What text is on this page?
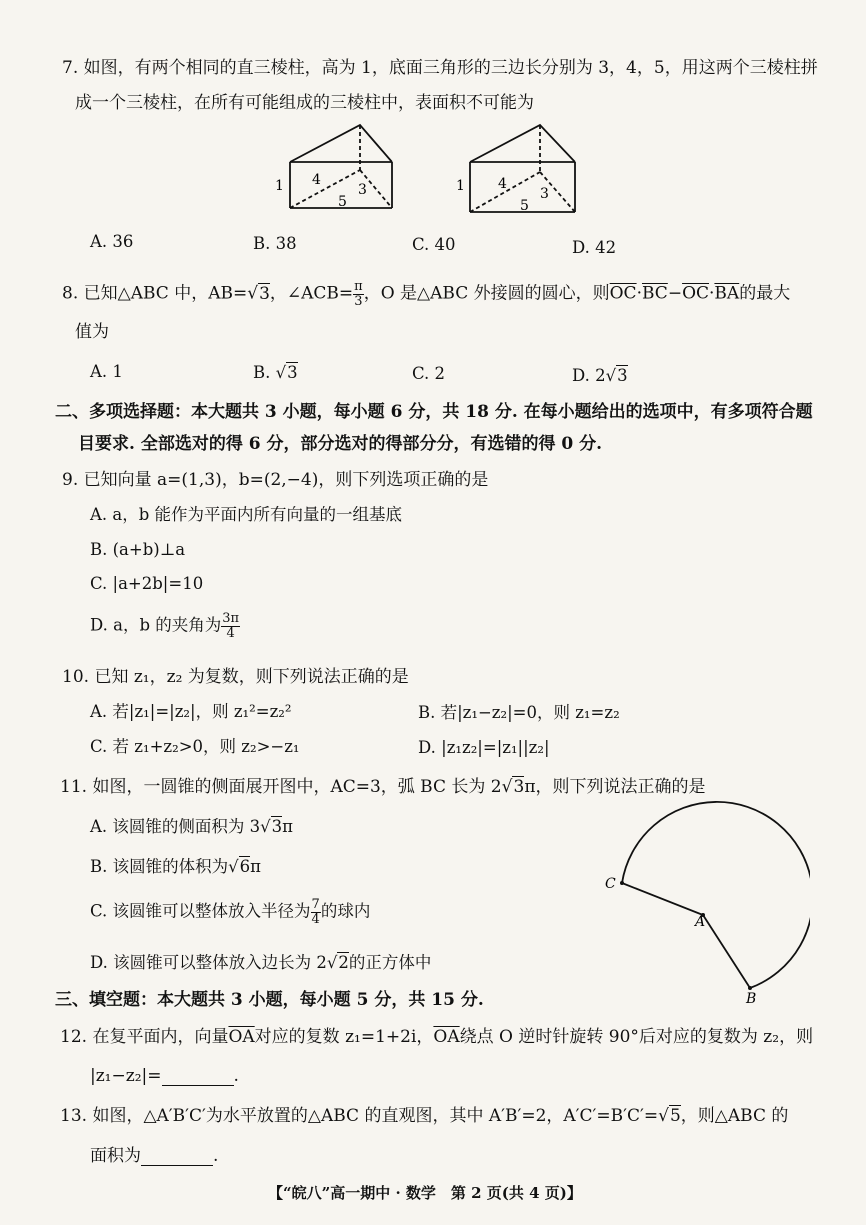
7. 如图，有两个相同的直三棱柱，高为 1，底面三角形的三边长分别为 3，4，5，用这两个三棱柱拼
成一个三棱柱，在所有可能组成的三棱柱中，表面积不可能为
1 4
3
5
1 4
3
5
A. 36	B. 38	C. 40	D. 42
8. 已知△ABC 中，AB=√3，∠ACB= $\frac{\pi}{3}$ ，O 是△ABC 外接圆的圆心，则$\overline{OC}\cdot\overline{BC}-\overline{OC}\cdot\overline{BA}$的最大
值为
A. 1	B. √3	C. 2	D. 2√3
二、多项选择题：本大题共 3 小题，每小题 6 分，共 18 分. 在每小题给出的选项中，有多项符合题
目要求. 全部选对的得 6 分，部分选对的得部分分，有选错的得 0 分.
9. 已知向量 a=(1,3)，b=(2,−4)，则下列选项正确的是
A. a，b 能作为平面内所有向量的一组基底
B. (a+b)⊥a
C. |a+2b|=10
D. a，b 的夹角为 $\frac{3\pi}{4}$
10. 已知 z₁，z₂ 为复数，则下列说法正确的是
A. 若|z₁|=|z₂|，则 z₁²=z₂²	B. 若|z₁−z₂|=0，则 z₁=z₂
C. 若 z₁+z₂>0，则 z₂>−z₁	D. |z₁z₂|=|z₁||z₂|
11. 如图，一圆锥的侧面展开图中，AC=3，弧 BC 长为 2√3π，则下列说法正确的是
A. 该圆锥的侧面积为 3√3π
B. 该圆锥的体积为√6π
C. 该圆锥可以整体放入半径为 $\frac{7}{4}$ 的球内
D. 该圆锥可以整体放入边长为 2√2的正方体中
C
A
B
三、填空题：本大题共 3 小题，每小题 5 分，共 15 分.
12. 在复平面内，向量$\overline{OA}$对应的复数 z₁=1+2i，$\overline{OA}$绕点 O 逆时针旋转 90°后对应的复数为 z₂，则
|z₁−z₂|=	.
13. 如图，△A′B′C′为水平放置的△ABC 的直观图，其中 A′B′=2，A′C′=B′C′=√5，则△ABC 的
面积为	.
【“皖八”高一期中 · 数学　第 2 页(共 4 页)】
